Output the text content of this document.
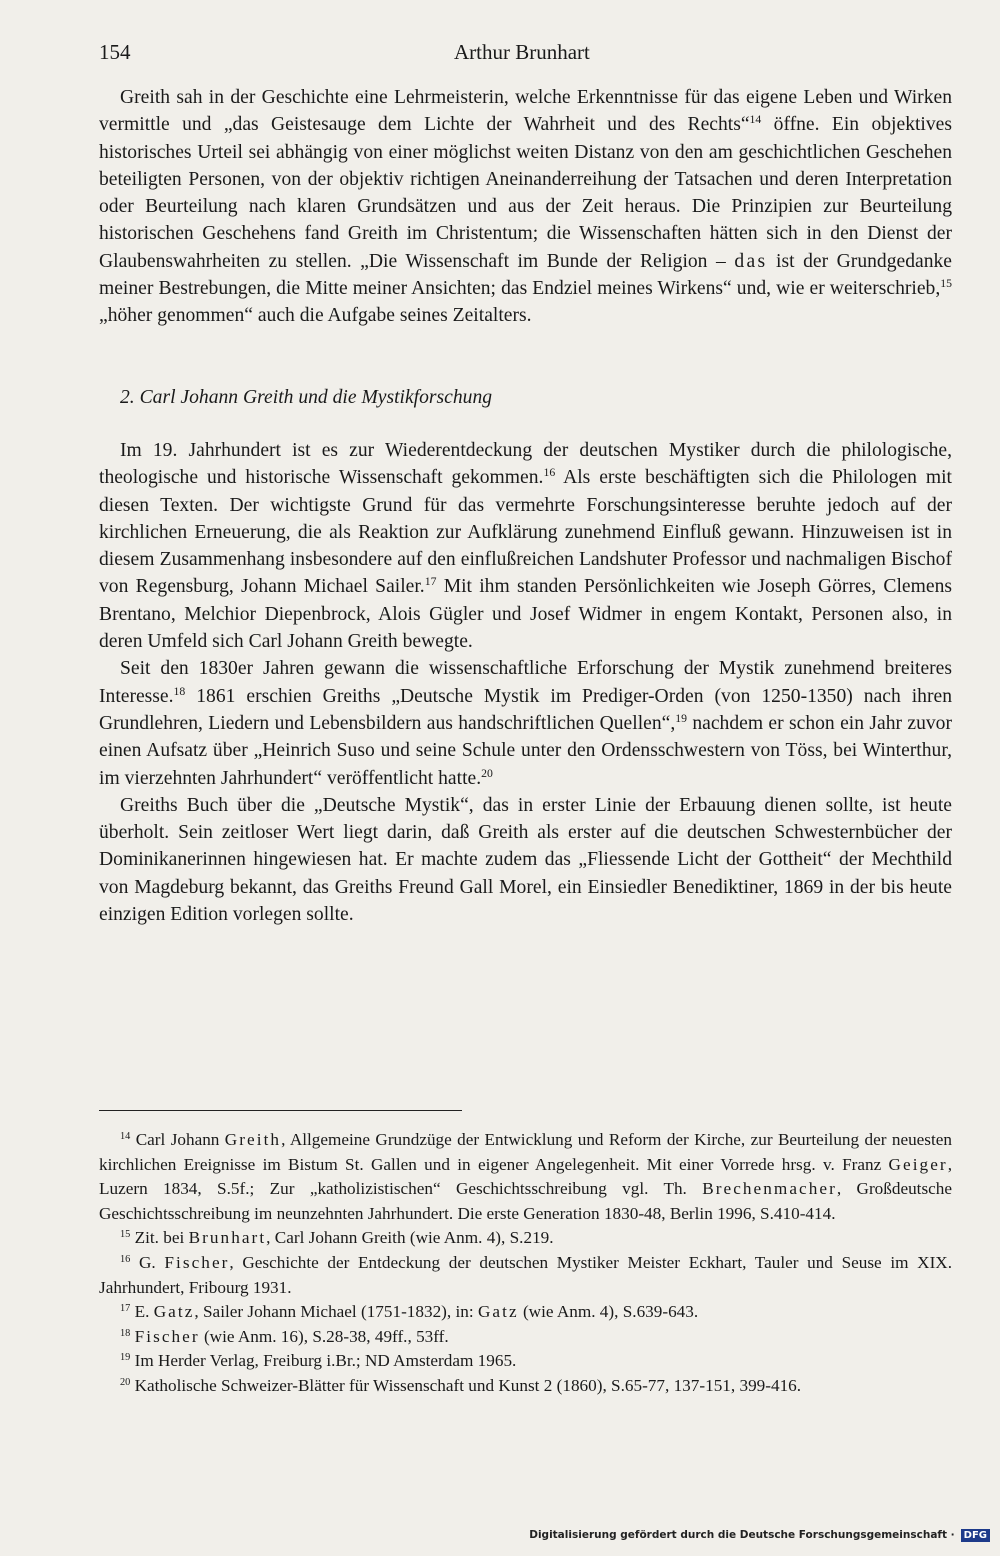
154	Arthur Brunhart

Greith sah in der Geschichte eine Lehrmeisterin, welche Erkenntnisse für das eigene Leben und Wirken vermittle und „das Geistesauge dem Lichte der Wahrheit und des Rechts“$^{14}$ öffne. Ein objektives historisches Urteil sei abhängig von einer möglichst weiten Distanz von den am geschichtlichen Geschehen beteiligten Personen, von der objektiv richtigen Aneinanderreihung der Tatsachen und deren Interpretation oder Beurteilung nach klaren Grundsätzen und aus der Zeit heraus. Die Prinzipien zur Beurteilung historischen Geschehens fand Greith im Christentum; die Wissenschaften hätten sich in den Dienst der Glaubenswahrheiten zu stellen. „Die Wissenschaft im Bunde der Religion – das ist der Grundgedanke meiner Bestrebungen, die Mitte meiner Ansichten; das Endziel meines Wirkens“ und, wie er weiterschrieb,$^{15}$ „höher genommen“ auch die Aufgabe seines Zeitalters.

2. Carl Johann Greith und die Mystikforschung

Im 19. Jahrhundert ist es zur Wiederentdeckung der deutschen Mystiker durch die philologische, theologische und historische Wissenschaft gekommen.$^{16}$ Als erste beschäftigten sich die Philologen mit diesen Texten. Der wichtigste Grund für das vermehrte Forschungsinteresse beruhte jedoch auf der kirchlichen Erneuerung, die als Reaktion zur Aufklärung zunehmend Einfluß gewann. Hinzuweisen ist in diesem Zusammenhang insbesondere auf den einflußreichen Landshuter Professor und nachmaligen Bischof von Regensburg, Johann Michael Sailer.$^{17}$ Mit ihm standen Persönlichkeiten wie Joseph Görres, Clemens Brentano, Melchior Diepenbrock, Alois Gügler und Josef Widmer in engem Kontakt, Personen also, in deren Umfeld sich Carl Johann Greith bewegte.

Seit den 1830er Jahren gewann die wissenschaftliche Erforschung der Mystik zunehmend breiteres Interesse.$^{18}$ 1861 erschien Greiths „Deutsche Mystik im Prediger-Orden (von 1250-1350) nach ihren Grundlehren, Liedern und Lebensbildern aus handschriftlichen Quellen“,$^{19}$ nachdem er schon ein Jahr zuvor einen Aufsatz über „Heinrich Suso und seine Schule unter den Ordensschwestern von Töss, bei Winterthur, im vierzehnten Jahrhundert“ veröffentlicht hatte.$^{20}$

Greiths Buch über die „Deutsche Mystik“, das in erster Linie der Erbauung dienen sollte, ist heute überholt. Sein zeitloser Wert liegt darin, daß Greith als erster auf die deutschen Schwesternbücher der Dominikanerinnen hingewiesen hat. Er machte zudem das „Fliessende Licht der Gottheit“ der Mechthild von Magdeburg bekannt, das Greiths Freund Gall Morel, ein Einsiedler Benediktiner, 1869 in der bis heute einzigen Edition vorlegen sollte.

$^{14}$ Carl Johann Greith, Allgemeine Grundzüge der Entwicklung und Reform der Kirche, zur Beurteilung der neuesten kirchlichen Ereignisse im Bistum St. Gallen und in eigener Angelegenheit. Mit einer Vorrede hrsg. v. Franz Geiger, Luzern 1834, S.5f.; Zur „katholizistischen“ Geschichtsschreibung vgl. Th. Brechenmacher, Großdeutsche Geschichtsschreibung im neunzehnten Jahrhundert. Die erste Generation 1830-48, Berlin 1996, S.410-414.

$^{15}$ Zit. bei Brunhart, Carl Johann Greith (wie Anm. 4), S.219.

$^{16}$ G. Fischer, Geschichte der Entdeckung der deutschen Mystiker Meister Eckhart, Tauler und Seuse im XIX. Jahrhundert, Fribourg 1931.

$^{17}$ E. Gatz, Sailer Johann Michael (1751-1832), in: Gatz (wie Anm. 4), S.639-643.

$^{18}$ Fischer (wie Anm. 16), S.28-38, 49ff., 53ff.

$^{19}$ Im Herder Verlag, Freiburg i.Br.; ND Amsterdam 1965.

$^{20}$ Katholische Schweizer-Blätter für Wissenschaft und Kunst 2 (1860), S.65-77, 137-151, 399-416.

Digitalisierung gefördert durch die Deutsche Forschungsgemeinschaft · DFG
